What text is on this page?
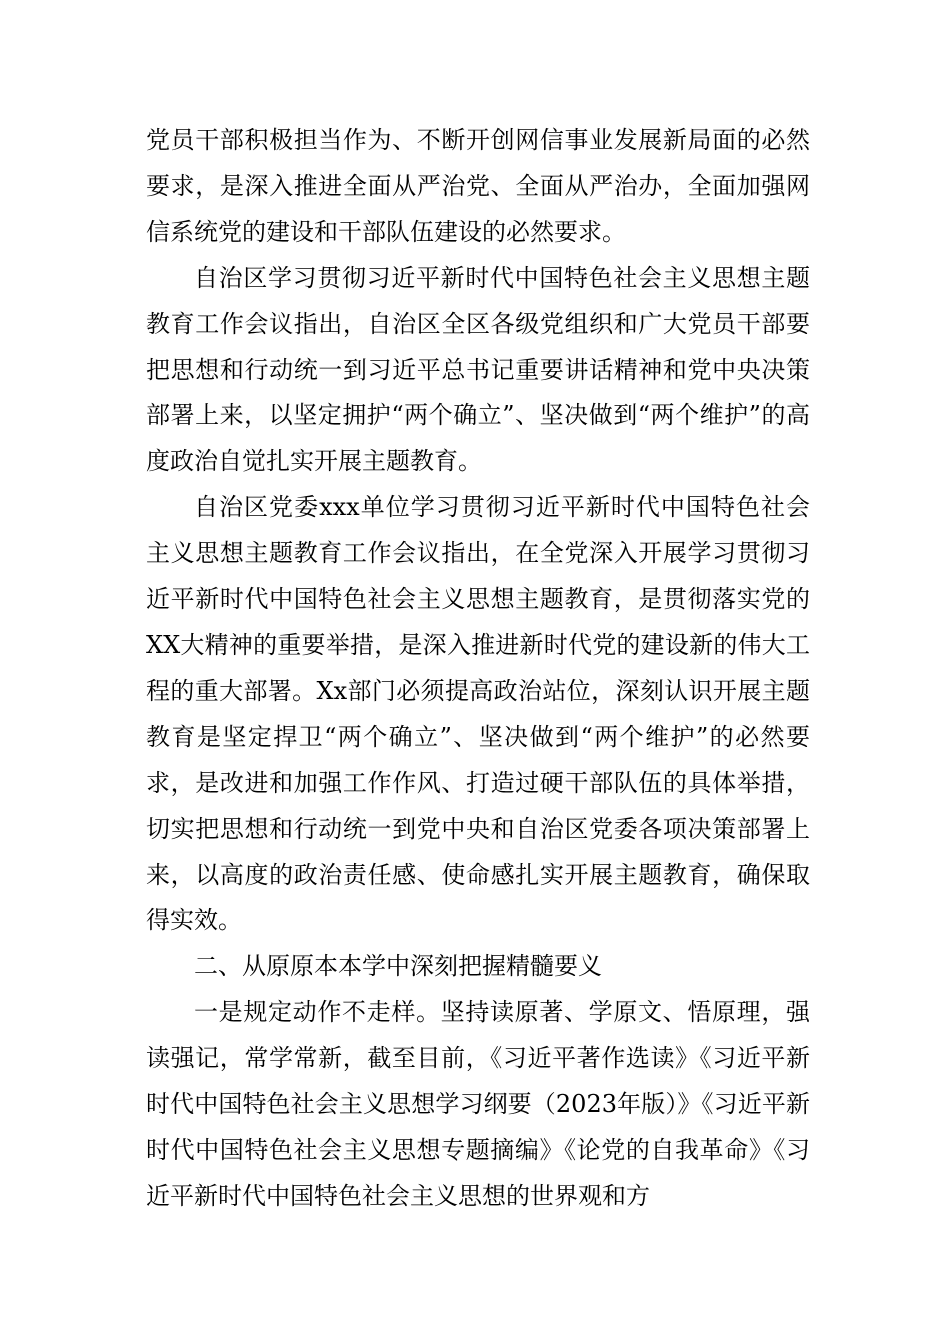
党员干部积极担当作为、不断开创网信事业发展新局面的必然要求，是深入推进全面从严治党、全面从严治办，全面加强网信系统党的建设和干部队伍建设的必然要求。

自治区学习贯彻习近平新时代中国特色社会主义思想主题教育工作会议指出，自治区全区各级党组织和广大党员干部要把思想和行动统一到习近平总书记重要讲话精神和党中央决策部署上来，以坚定拥护“两个确立”、坚决做到“两个维护”的高度政治自觉扎实开展主题教育。

自治区党委xxx单位学习贯彻习近平新时代中国特色社会主义思想主题教育工作会议指出，在全党深入开展学习贯彻习近平新时代中国特色社会主义思想主题教育，是贯彻落实党的 XX大精神的重要举措，是深入推进新时代党的建设新的伟大工程的重大部署。Xx部门必须提高政治站位，深刻认识开展主题教育是坚定捍卫“两个确立”、坚决做到“两个维护”的必然要求，是改进和加强工作作风、打造过硬干部队伍的具体举措，切实把思想和行动统一到党中央和自治区党委各项决策部署上来，以高度的政治责任感、使命感扎实开展主题教育，确保取得实效。

二、从原原本本学中深刻把握精髓要义

一是规定动作不走样。坚持读原著、学原文、悟原理，强读强记，常学常新，截至目前，《习近平著作选读》《习近平新时代中国特色社会主义思想学习纲要（2023年版）》《习近平新时代中国特色社会主义思想专题摘编》《论党的自我革命》《习近平新时代中国特色社会主义思想的世界观和方
